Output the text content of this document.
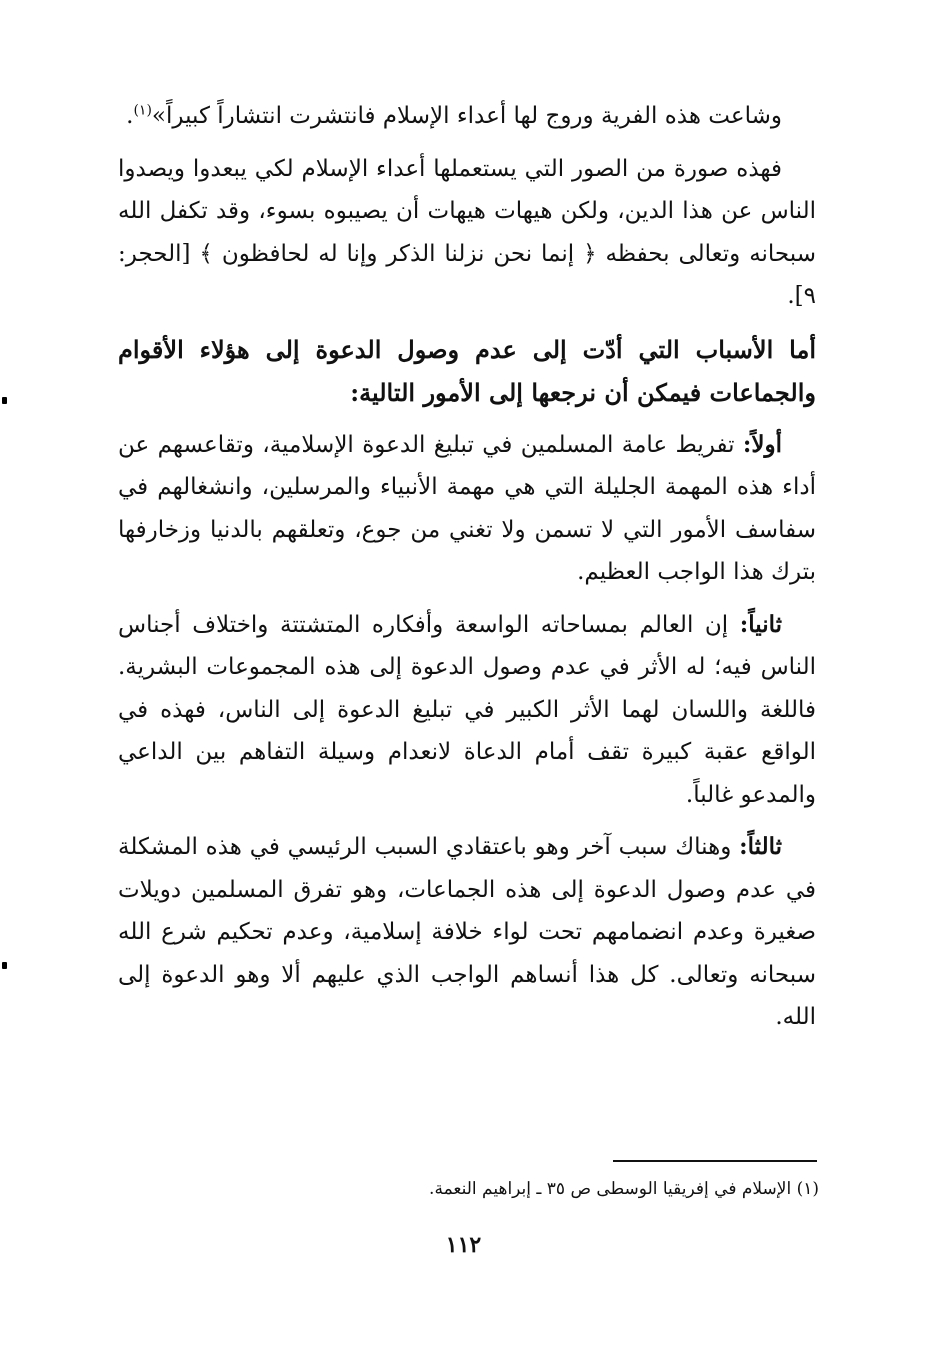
وشاعت هذه الفرية وروج لها أعداء الإسلام فانتشرت انتشاراً كبيراً»$^{(١)}$.

فهذه صورة من الصور التي يستعملها أعداء الإسلام لكي يبعدوا ويصدوا الناس عن هذا الدين، ولكن هيهات هيهات أن يصيبوه بسوء، وقد تكفل الله سبحانه وتعالى بحفظه ﴿ إنما نحن نزلنا الذكر وإنا له لحافظون ﴾ [الحجر: ٩].

أما الأسباب التي أدّت إلى عدم وصول الدعوة إلى هؤلاء الأقوام والجماعات فيمكن أن نرجعها إلى الأمور التالية:

أولاً: تفريط عامة المسلمين في تبليغ الدعوة الإسلامية، وتقاعسهم عن أداء هذه المهمة الجليلة التي هي مهمة الأنبياء والمرسلين، وانشغالهم في سفاسف الأمور التي لا تسمن ولا تغني من جوع، وتعلقهم بالدنيا وزخارفها بترك هذا الواجب العظيم.

ثانياً: إن العالم بمساحاته الواسعة وأفكاره المتشتتة واختلاف أجناس الناس فيه؛ له الأثر في عدم وصول الدعوة إلى هذه المجموعات البشرية. فاللغة واللسان لهما الأثر الكبير في تبليغ الدعوة إلى الناس، فهذه في الواقع عقبة كبيرة تقف أمام الدعاة لانعدام وسيلة التفاهم بين الداعي والمدعو غالباً.

ثالثاً: وهناك سبب آخر وهو باعتقادي السبب الرئيسي في هذه المشكلة في عدم وصول الدعوة إلى هذه الجماعات، وهو تفرق المسلمين دويلات صغيرة وعدم انضمامهم تحت لواء خلافة إسلامية، وعدم تحكيم شرع الله سبحانه وتعالى. كل هذا أنساهم الواجب الذي عليهم ألا وهو الدعوة إلى الله.

(١) الإسلام في إفريقيا الوسطى ص ٣٥ ـ إبراهيم النعمة.
١١٢
